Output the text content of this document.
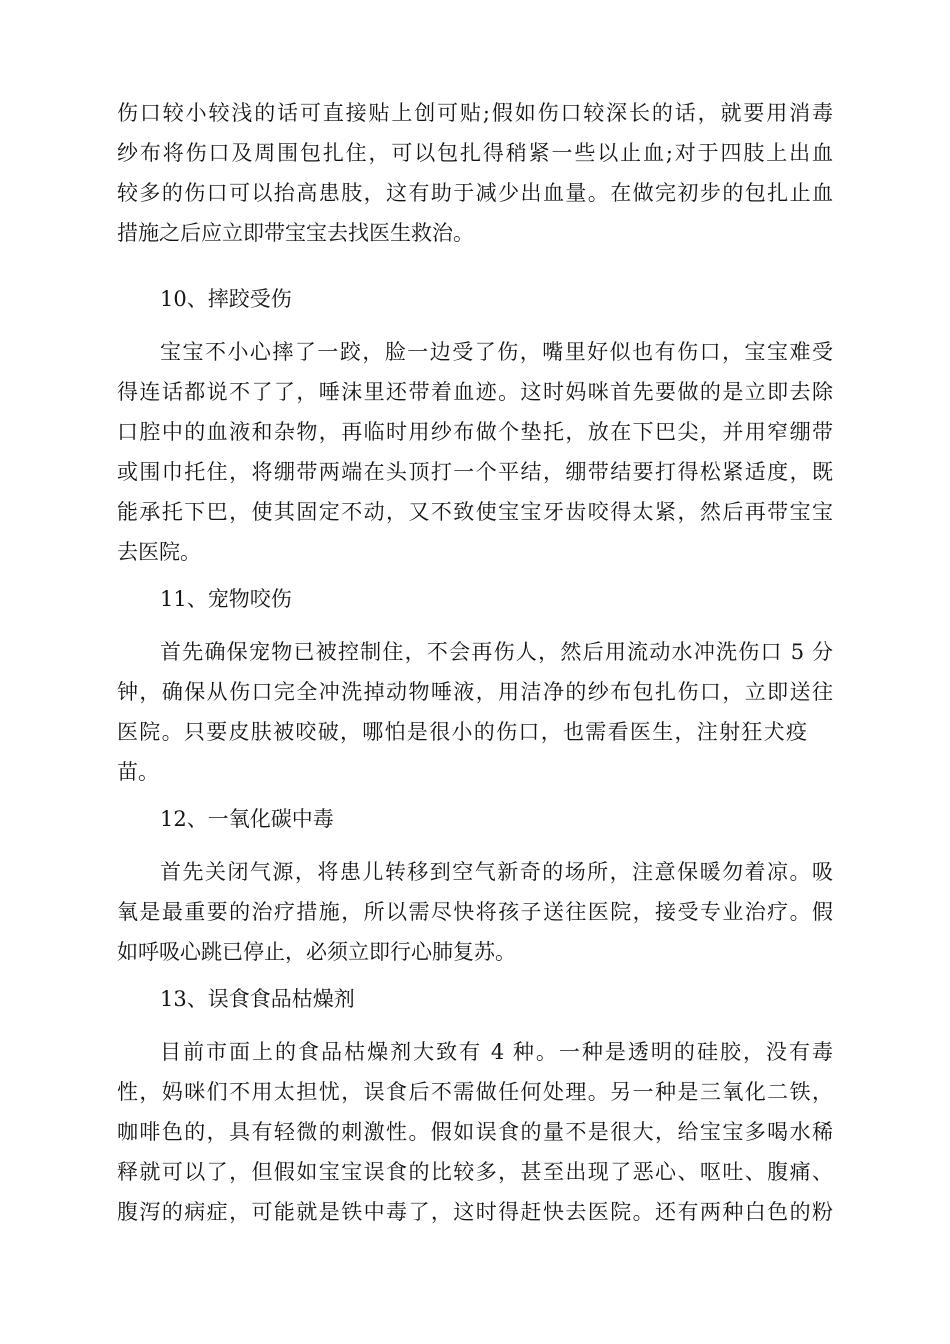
伤口较小较浅的话可直接贴上创可贴;假如伤口较深长的话，就要用消毒
纱布将伤口及周围包扎住，可以包扎得稍紧一些以止血;对于四肢上出血
较多的伤口可以抬高患肢，这有助于减少出血量。在做完初步的包扎止血
措施之后应立即带宝宝去找医生救治。
10、摔跤受伤
宝宝不小心摔了一跤，脸一边受了伤，嘴里好似也有伤口，宝宝难受
得连话都说不了了，唾沫里还带着血迹。这时妈咪首先要做的是立即去除
口腔中的血液和杂物，再临时用纱布做个垫托，放在下巴尖，并用窄绷带
或围巾托住，将绷带两端在头顶打一个平结，绷带结要打得松紧适度，既
能承托下巴，使其固定不动，又不致使宝宝牙齿咬得太紧，然后再带宝宝
去医院。
11、宠物咬伤
首先确保宠物已被控制住，不会再伤人，然后用流动水冲洗伤口 5 分
钟，确保从伤口完全冲洗掉动物唾液，用洁净的纱布包扎伤口，立即送往
医院。只要皮肤被咬破，哪怕是很小的伤口，也需看医生，注射狂犬疫
苗。
12、一氧化碳中毒
首先关闭气源，将患儿转移到空气新奇的场所，注意保暖勿着凉。吸
氧是最重要的治疗措施，所以需尽快将孩子送往医院，接受专业治疗。假
如呼吸心跳已停止，必须立即行心肺复苏。
13、误食食品枯燥剂
目前市面上的食品枯燥剂大致有 4 种。一种是透明的硅胶，没有毒
性，妈咪们不用太担忧，误食后不需做任何处理。另一种是三氧化二铁，
咖啡色的，具有轻微的刺激性。假如误食的量不是很大，给宝宝多喝水稀
释就可以了，但假如宝宝误食的比较多，甚至出现了恶心、呕吐、腹痛、
腹泻的病症，可能就是铁中毒了，这时得赶快去医院。还有两种白色的粉
